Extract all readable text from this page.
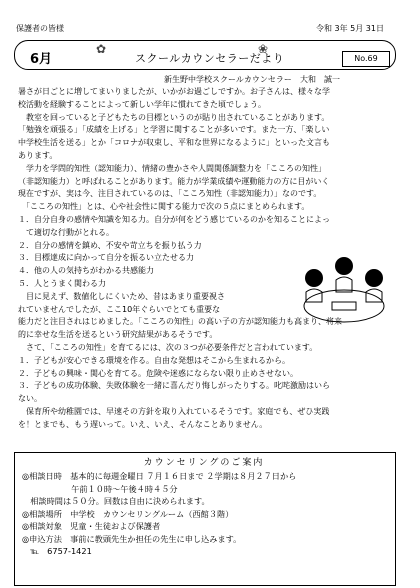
保護者の皆様	令和 3年 5月 31日
✿	❀
6月	スクールカウンセラーだより	No.69
新生野中学校スクールカウンセラー 大和　誠一
暑さが日ごとに増してまいりましたが、いかがお過ごしですか。お子さんは、様々な学
校活動を経験することによって新しい学年に慣れてきた頃でしょう。
　教室を回っていると子どもたちの目標というのが貼り出されていることがあります。
「勉強を頑張る」「成績を上げる」と学習に関することが多いです。また一方、「楽しい
中学校生活を送る」とか「コロナが収束し、平和な世界になるように」といった文言も
あります。
　学力を学問的知性（認知能力）、情緒の豊かさや人間関係調整力を「こころの知性」
（非認知能力）と呼ばれることがあります。能力が学業成績や運動能力の方に目がいく
現在ですが、実は今、注目されているのは、「こころ知性（非認知能力）」なのです。
　「こころの知性」とは、心や社会性に関する能力で次の５点にまとめられます。
１．自分自身の感情や知識を知る力。自分が何をどう感じているのかを知ることによっ
　て適切な行動がとれる。
２．自分の感情を鎮め、不安や苛立ちを振り払う力
３．目標達成に向かって自分を振るい立たせる力
４．他の人の気持ちがわかる共感能力
５．人とうまく関わる力
　目に見えず、数値化しにくいため、昔はあまり重要視さ
れていませんでしたが、ここ10年ぐらいでとても重要な
能力だと注目されはじめました。「こころの知性」の高い子の方が認知能力も高まり、将来
的に幸せな生活を送るという研究結果があるそうです。
　さて、「こころの知性」を育てるには、次の３つが必要条件だと言われています。
１．子どもが安心できる環境を作る。自由な発想はそこから生まれるから。
２．子どもの興味・関心を育てる。危険や迷惑にならない限り止めさせない。
３．子どもの成功体験、失敗体験を一緒に喜んだり悔しがったりする。叱咤激励はいら
ない。
　保育所や幼稚園では、早速その方針を取り入れているそうです。家庭でも、ぜひ実践
を！とまでも、もう遅いって。いえ、いえ、そんなことありません。
カウンセリングのご案内
◎相談日時　基本的に毎週金曜日 ７月１６日まで ２学期は８月２７日から
　　　　　　午前１０時〜午後４時４５分
　相談時間は５０分。回数は自由に決められます。
◎相談場所　中学校　カウンセリングルーム（西館３階）
◎相談対象　児童・生徒および保護者
◎申込方法　事前に教頭先生か担任の先生に申し込みます。
　℡　6757-1421
